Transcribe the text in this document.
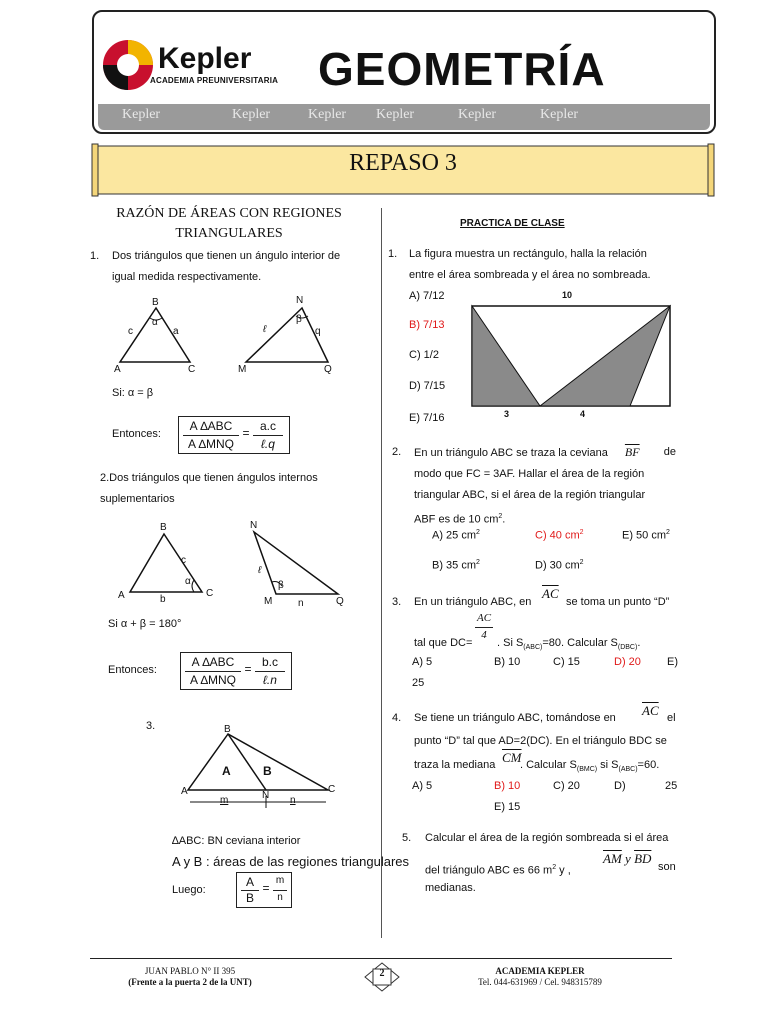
Kepler
ACADEMIA PREUNIVERSITARIA GEOMETRÍA
Kepler	Kepler	Kepler Kepler	Kepler	Kepler
REPASO 3
RAZÓN DE ÁREAS CON REGIONES
TRIANGULARES
1. Dos triángulos que tienen un ángulo interior de
igual medida respectivamente.
B
A	C
c	a
α
N
M	Q
ℓ	q
β
Si: α = β
Entonces:
A ∆ABC
A ∆MNQ
= a.c
ℓ.q
2.Dos triángulos que tienen ángulos internos
suplementarios
B
A	C
b
c
α
N
M	Q
ℓ
n
β
Si α + β = 180°
Entonces:
A ∆ABC
A ∆MNQ
= b.c
ℓ.n
3.	B
A	C
N
A	B
m	n
∆ABC: BN ceviana interior
A y B : áreas de las regiones triangulares
Luego:
A
B
=
m
n
PRACTICA DE CLASE
1. La figura muestra un rectángulo, halla la relación
entre el área sombreada y el área no sombreada.
A) 7/12
B) 7/13
C) 1/2
D) 7/15
E) 7/16
10
3	4
2. En un triángulo ABC se traza la ceviana $\overline{BF}$ de
modo que FC = 3AF. Hallar el área de la región
triangular ABC, si el área de la región triangular
ABF es de 10 $cm^2$.
A) 25 $cm^2$	C) 40 $cm^2$	E) 50 $cm^2$
B) 35 $cm^2$	D) 30 $cm^2$
3. En un triángulo ABC, en
$\overline{AC}$
se toma un punto “D”
AC
4
tal que DC= . Si $S_{(ABC)}=80$. Calcular $S_{(DBC)}$.
A) 5	B) 10	C) 15	D) 20 E)
25
4. Se tiene un triángulo ABC, tomándose en $\overline{AC}$ el
punto “D” tal que AD=2(DC). En el triángulo BDC se
traza la mediana $\overline{CM}$
. Calcular $S_{(BMC)}$ si $S_{(ABC)}=60$.
A) 5	B) 10	C) 20	D)	25
E) 15
5. Calcular el área de la región sombreada si el área
del triángulo ABC es 66 $m^2$ y ,
$\overline{AM}$ y $\overline{BD}$
son
medianas.
JUAN PABLO N° II 395
(Frente a la puerta 2 de la UNT)
2	ACADEMIA KEPLER
Tel. 044-631969 / Cel. 948315789
